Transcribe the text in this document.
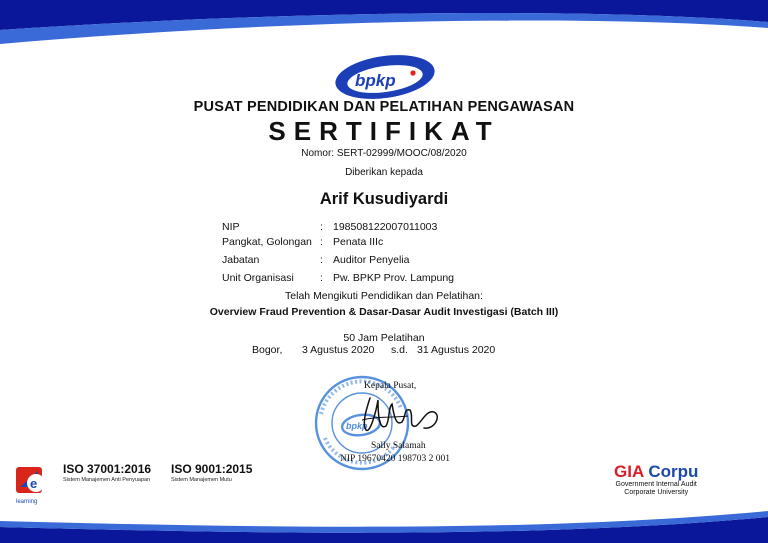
bpkp
PUSAT PENDIDIKAN DAN PELATIHAN PENGAWASAN
SERTIFIKAT
Nomor: SERT-02999/MOOC/08/2020
Diberikan kepada
Arif Kusudiyardi
NIP	: 198508122007011003
Pangkat, Golongan : Penata IIIc
Jabatan	: Auditor Penyelia
Unit Organisasi : Pw. BPKP Prov. Lampung
Telah Mengikuti Pendidikan dan Pelatihan:
Overview Fraud Prevention & Dasar-Dasar Audit Investigasi (Batch III)
50 Jam Pelatihan
Bogor, 3 Agustus 2020 s.d. 31 Agustus 2020
bpkp
Kepala Pusat,
Sally Salamah
NIP 19670420 198703 2 001
e
learning
ISO 37001:2016
Sistem Manajemen Anti Penyuapan
ISO 9001:2015
Sistem Manajemen Mutu	GIA Corpu
Government Internal Audit
Corporate University
